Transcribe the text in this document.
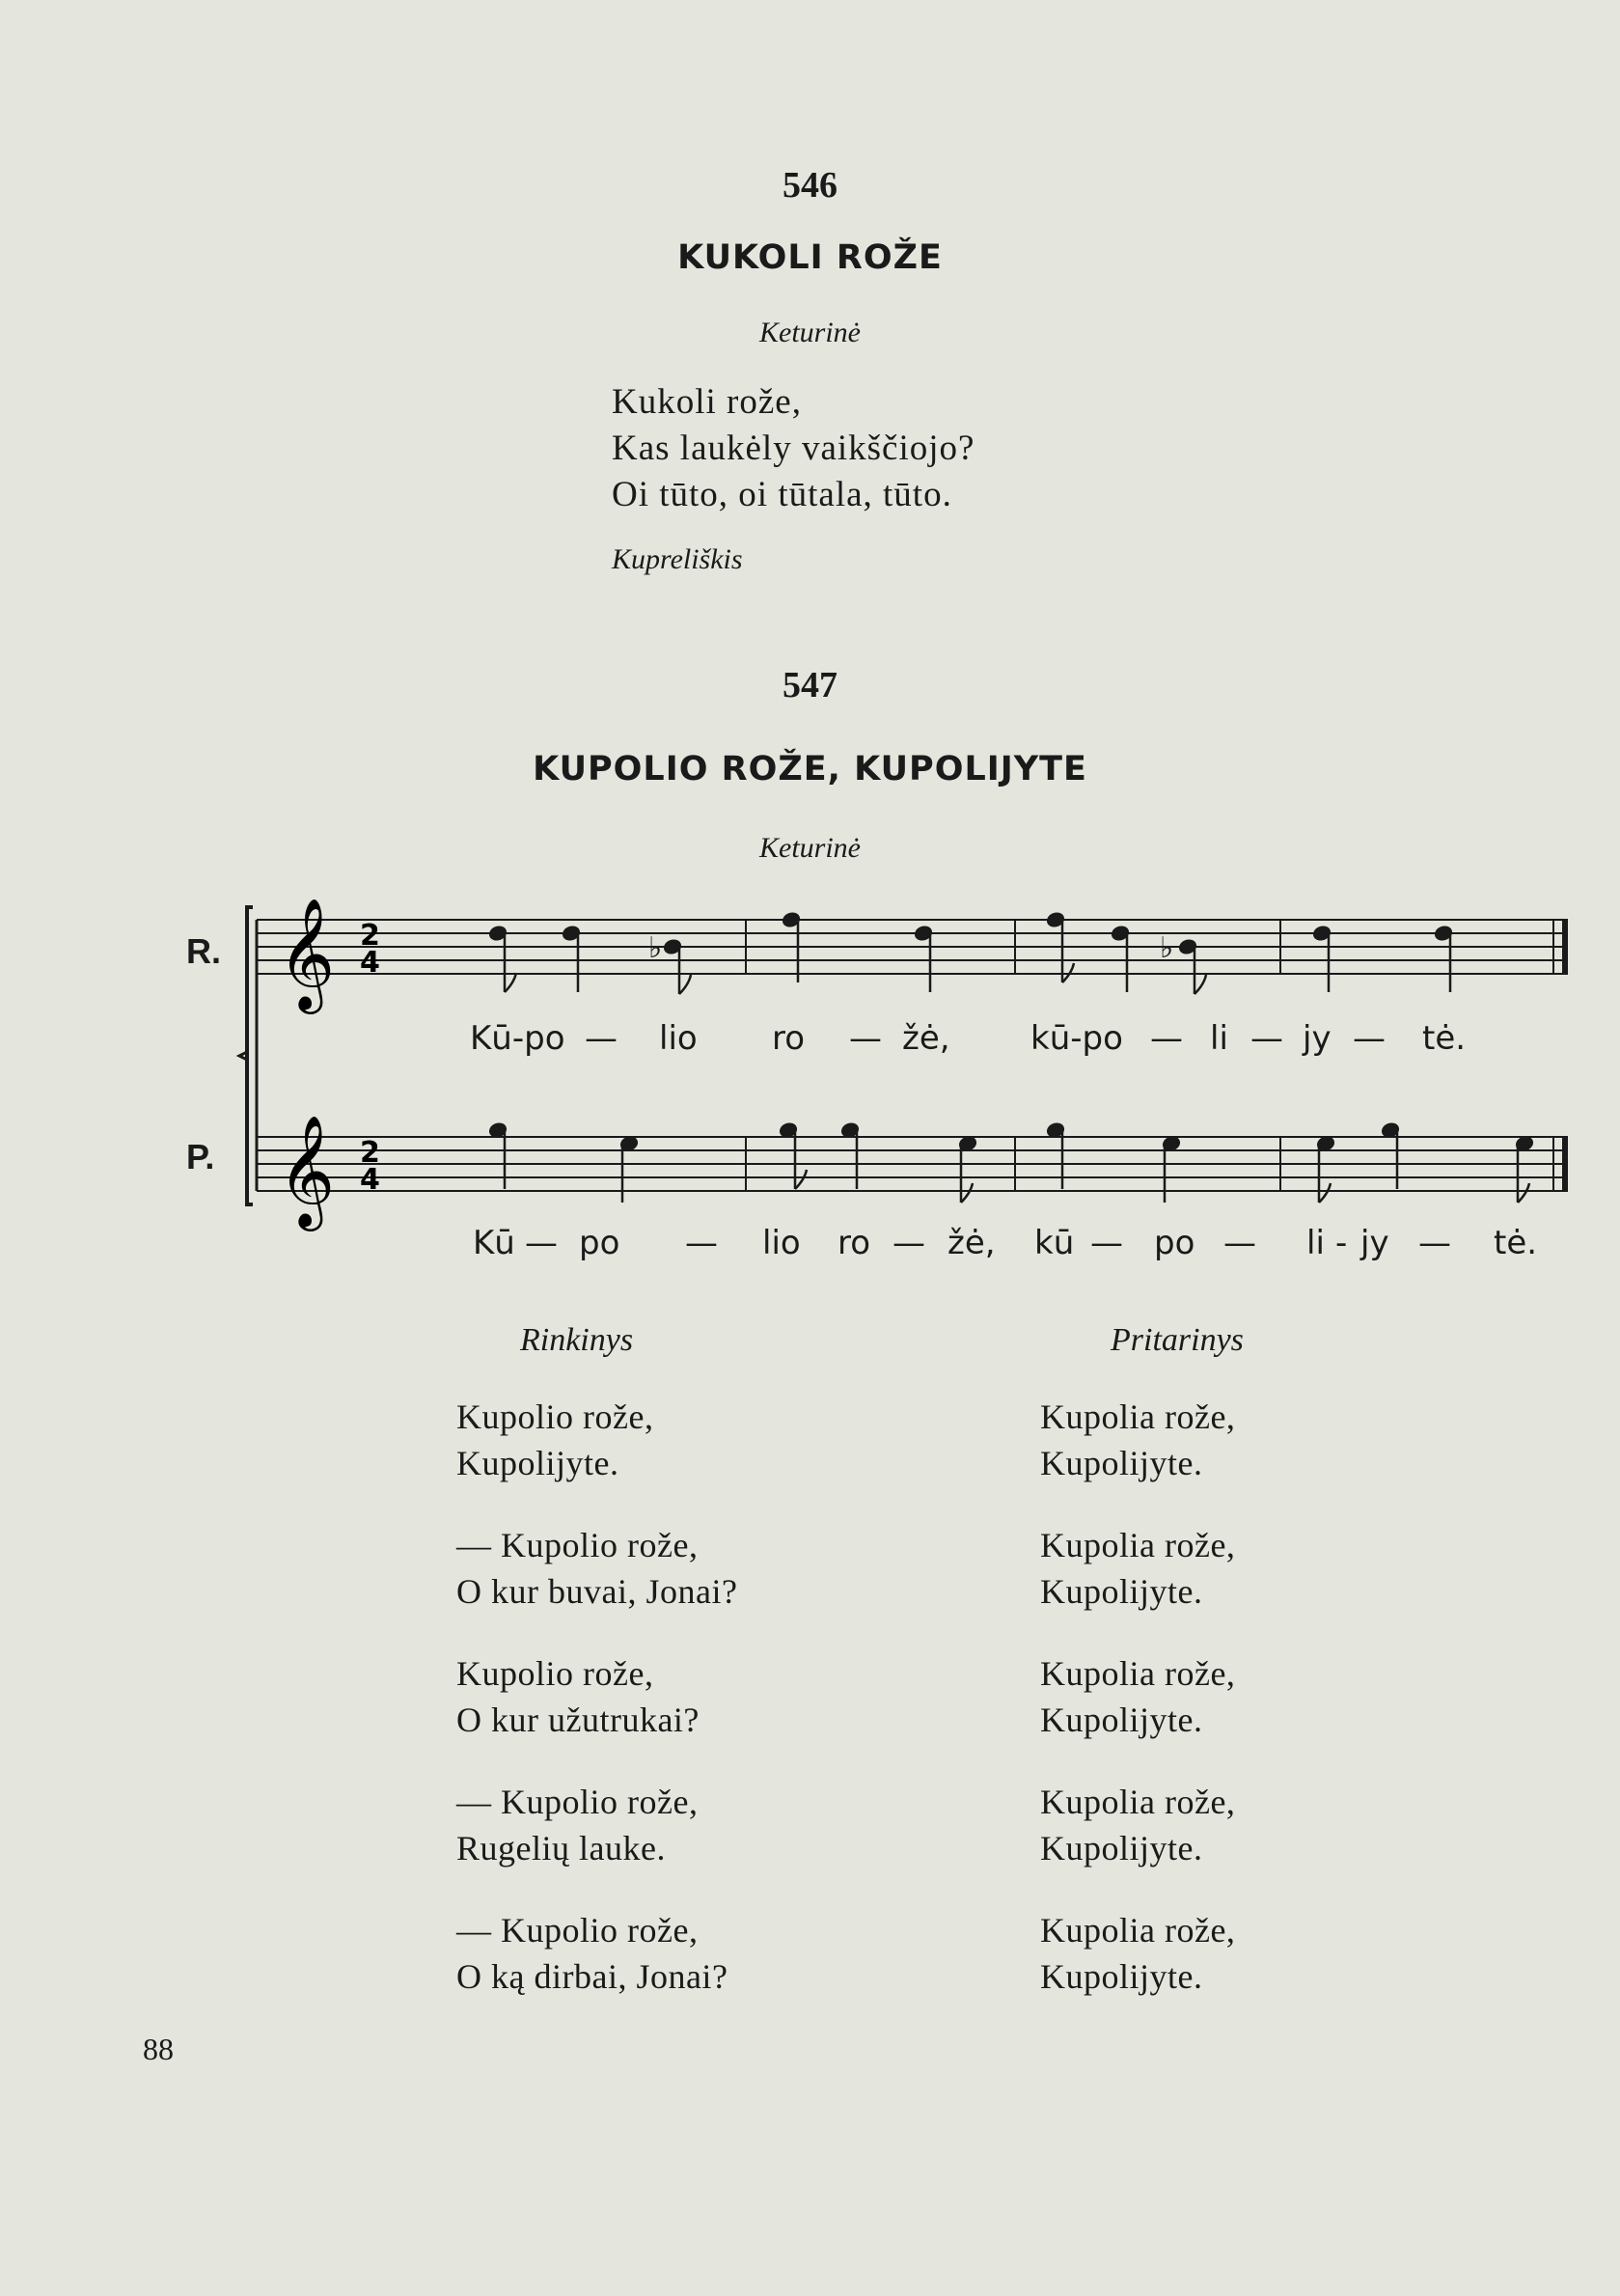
546
KUKOLI ROŽE
Keturinė
Kukoli rože,
Kas laukėly vaikščiojo?
Oi tūto, oi tūtala, tūto.
Kupreliškis
547
KUPOLIO ROŽE, KUPOLIJYTE
Keturinė
R.
P.
𝄞
𝄞
2
4
2
4
♭	♭
Kū-po — lio ro — žė, kū-po — li — jy — tė.
Kū — po — lio ro — žė, kū — po — li - jy — tė.
Rinkinys	Pritarinys
Kupolio rože,
Kupolijyte.
— Kupolio rože,
O kur buvai, Jonai?
Kupolio rože,
O kur užutrukai?
— Kupolio rože,
Rugelių lauke.
— Kupolio rože,
O ką dirbai, Jonai?
Kupolia rože,
Kupolijyte.
Kupolia rože,
Kupolijyte.
Kupolia rože,
Kupolijyte.
Kupolia rože,
Kupolijyte.
Kupolia rože,
Kupolijyte.
88
